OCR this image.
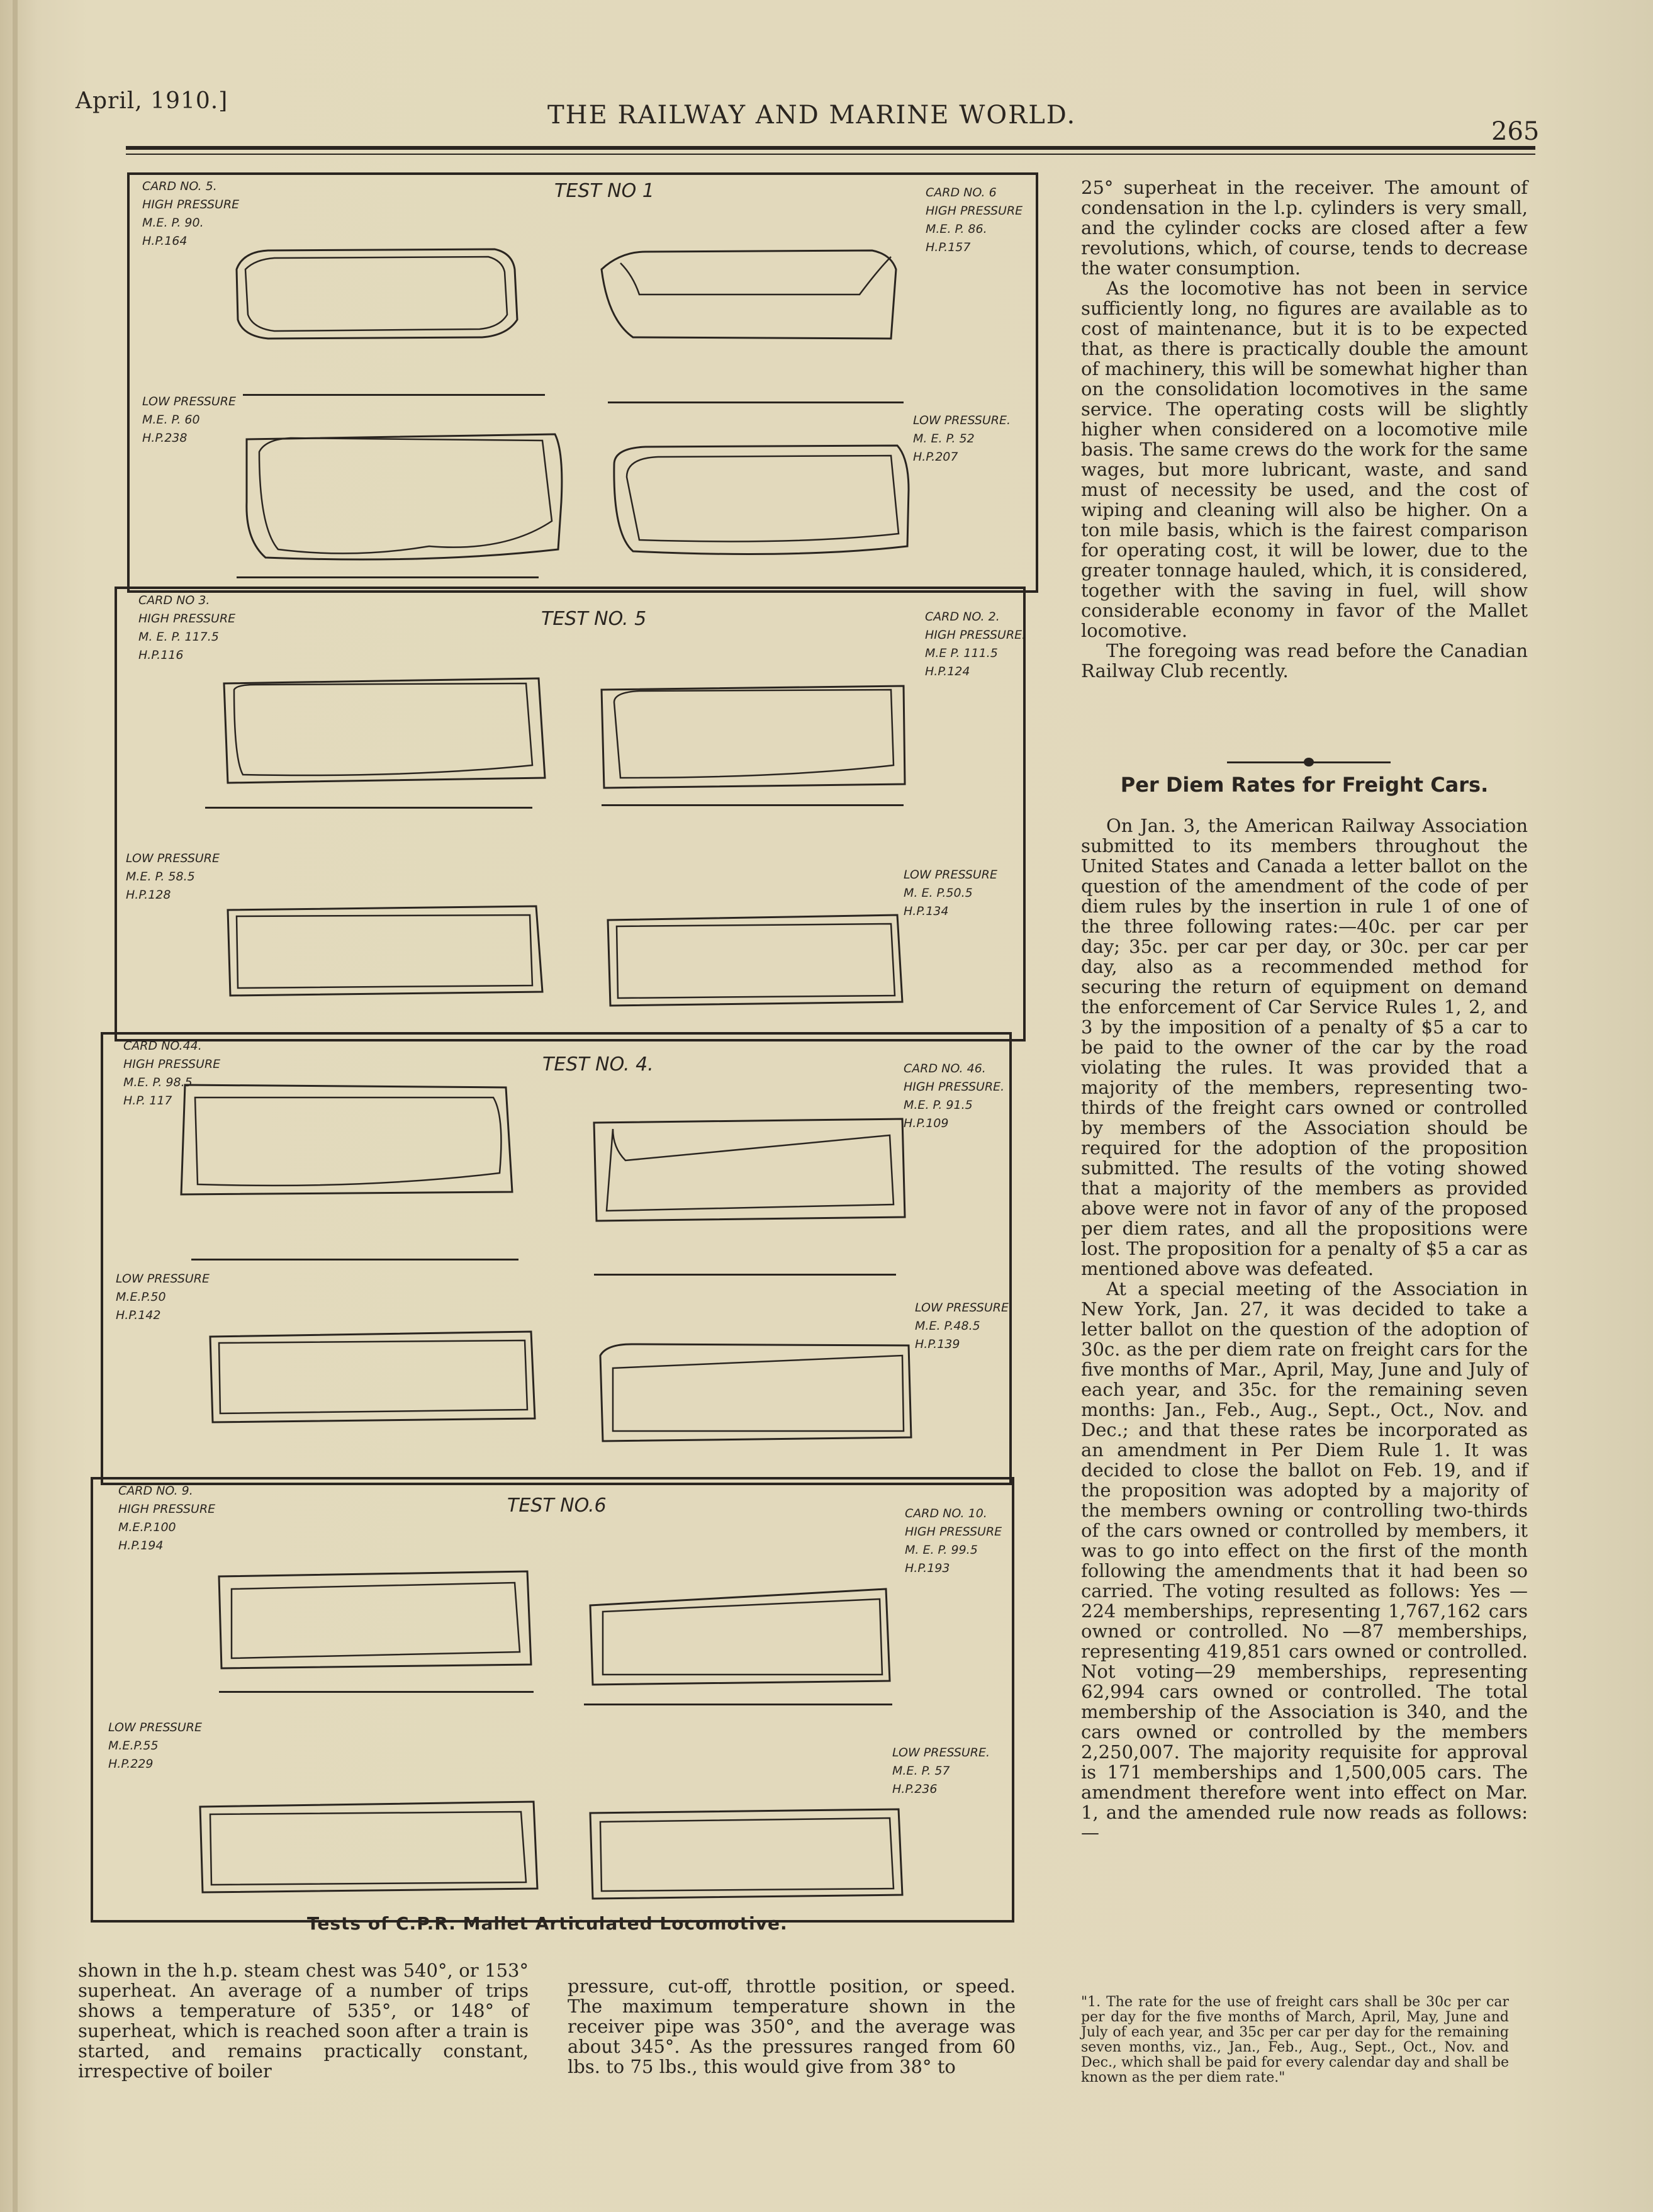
April, 1910.]	THE RAILWAY AND MARINE WORLD.
265
CARD NO. 5.
HIGH PRESSURE
M.E. P. 90.
H.P.164
TEST NO 1	CARD NO. 6
HIGH PRESSURE
M.E. P. 86.
H.P.157
LOW PRESSURE
M.E. P. 60
H.P.238
LOW PRESSURE.
M. E. P. 52
H.P.207
CARD NO 3.
HIGH PRESSURE
M. E. P. 117.5
H.P.116
TEST NO. 5	CARD NO. 2.
HIGH PRESSURE.
M.E P. 111.5
H.P.124
LOW PRESSURE
M.E. P. 58.5
H.P.128
LOW PRESSURE
M. E. P.50.5
H.P.134
CARD NO.44.
HIGH PRESSURE
M.E. P. 98.5
H.P. 117
TEST NO. 4.	CARD NO. 46.
HIGH PRESSURE.
M.E. P. 91.5
H.P.109
LOW PRESSURE
M.E.P.50
H.P.142
LOW PRESSURE
M.E. P.48.5
H.P.139
CARD NO. 9.
HIGH PRESSURE
M.E.P.100
H.P.194
TEST NO.6	CARD NO. 10.
HIGH PRESSURE
M. E. P. 99.5
H.P.193
LOW PRESSURE
M.E.P.55
H.P.229
LOW PRESSURE.
M.E. P. 57
H.P.236
Tests of C.P.R. Mallet Articulated Locomotive.

25° superheat in the receiver. The amount of condensation in the l.p. cylinders is very small, and the cylinder cocks are closed after a few revolutions, which, of course, tends to decrease the water consumption.

As the locomotive has not been in service sufficiently long, no figures are available as to cost of maintenance, but it is to be expected that, as there is practically double the amount of machinery, this will be somewhat higher than on the consolidation locomotives in the same service. The operating costs will be slightly higher when considered on a locomotive mile basis. The same crews do the work for the same wages, but more lubricant, waste, and sand must of necessity be used, and the cost of wiping and cleaning will also be higher. On a ton mile basis, which is the fairest comparison for operating cost, it will be lower, due to the greater tonnage hauled, which, it is considered, together with the saving in fuel, will show considerable economy in favor of the Mallet locomotive.

The foregoing was read before the Canadian Railway Club recently.

Per Diem Rates for Freight Cars.

On Jan. 3, the American Railway Association submitted to its members throughout the United States and Canada a letter ballot on the question of the amendment of the code of per diem rules by the insertion in rule 1 of one of the three following rates:—40c. per car per day; 35c. per car per day, or 30c. per car per day, also as a recommended method for securing the return of equipment on demand the enforcement of Car Service Rules 1, 2, and 3 by the imposition of a penalty of $5 a car to be paid to the owner of the car by the road violating the rules. It was provided that a majority of the members, representing two-thirds of the freight cars owned or controlled by members of the Association should be required for the adoption of the proposition submitted. The results of the voting showed that a majority of the members as provided above were not in favor of any of the proposed per diem rates, and all the propositions were lost. The proposition for a penalty of $5 a car as mentioned above was defeated.

At a special meeting of the Association in New York, Jan. 27, it was decided to take a letter ballot on the question of the adoption of 30c. as the per diem rate on freight cars for the five months of Mar., April, May, June and July of each year, and 35c. for the remaining seven months: Jan., Feb., Aug., Sept., Oct., Nov. and Dec.; and that these rates be incorporated as an amendment in Per Diem Rule 1. It was decided to close the ballot on Feb. 19, and if the proposition was adopted by a majority of the members owning or controlling two-thirds of the cars owned or controlled by members, it was to go into effect on the first of the month following the amendments that it had been so carried. The voting resulted as follows: Yes — 224 memberships, representing 1,767,162 cars owned or controlled. No —87 memberships, representing 419,851 cars owned or controlled. Not voting—29 memberships, representing 62,994 cars owned or controlled. The total membership of the Association is 340, and the cars owned or controlled by the members 2,250,007. The majority requisite for approval is 171 memberships and 1,500,005 cars. The amendment therefore went into effect on Mar. 1, and the amended rule now reads as follows:—

"1. The rate for the use of freight cars shall be 30c per car per day for the five months of March, April, May, June and July of each year, and 35c per car per day for the remaining seven months, viz., Jan., Feb., Aug., Sept., Oct., Nov. and Dec., which shall be paid for every calendar day and shall be known as the per diem rate."

shown in the h.p. steam chest was 540°, or 153° superheat. An average of a number of trips shows a temperature of 535°, or 148° of superheat, which is reached soon after a train is started, and remains practically constant, irrespective of boiler

pressure, cut-off, throttle position, or speed. The maximum temperature shown in the receiver pipe was 350°, and the average was about 345°. As the pressures ranged from 60 lbs. to 75 lbs., this would give from 38° to
